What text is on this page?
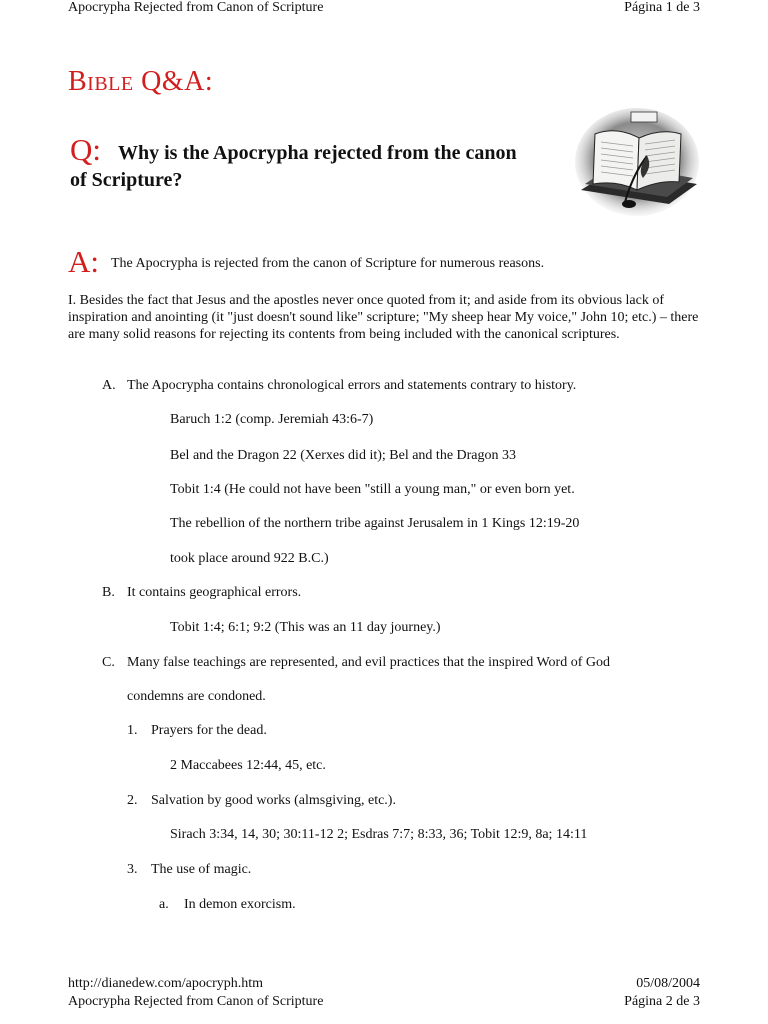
Apocrypha Rejected from Canon of Scripture	Página 1 de 3
Bible Q&A:
Q: Why is the Apocrypha rejected from the canon
of Scripture?
A: The Apocrypha is rejected from the canon of Scripture for numerous reasons.
I. Besides the fact that Jesus and the apostles never once quoted from it; and aside from its obvious lack of inspiration and anointing (it "just doesn't sound like" scripture; "My sheep hear My voice," John 10; etc.) – there are many solid reasons for rejecting its contents from being included with the canonical scriptures.
A. The Apocrypha contains chronological errors and statements contrary to history.
Baruch 1:2 (comp. Jeremiah 43:6-7)
Bel and the Dragon 22 (Xerxes did it); Bel and the Dragon 33
Tobit 1:4 (He could not have been "still a young man," or even born yet.
The rebellion of the northern tribe against Jerusalem in 1 Kings 12:19-20
took place around 922 B.C.)
B. It contains geographical errors.
Tobit 1:4; 6:1; 9:2 (This was an 11 day journey.)
C. Many false teachings are represented, and evil practices that the inspired Word of God
condemns are condoned.
1. Prayers for the dead.
2 Maccabees 12:44, 45, etc.
2. Salvation by good works (almsgiving, etc.).
Sirach 3:34, 14, 30; 30:11-12 2; Esdras 7:7; 8:33, 36; Tobit 12:9, 8a; 14:11
3. The use of magic.
a. In demon exorcism.
http://dianedew.com/apocryph.htm	05/08/2004
Apocrypha Rejected from Canon of Scripture	Página 2 de 3
